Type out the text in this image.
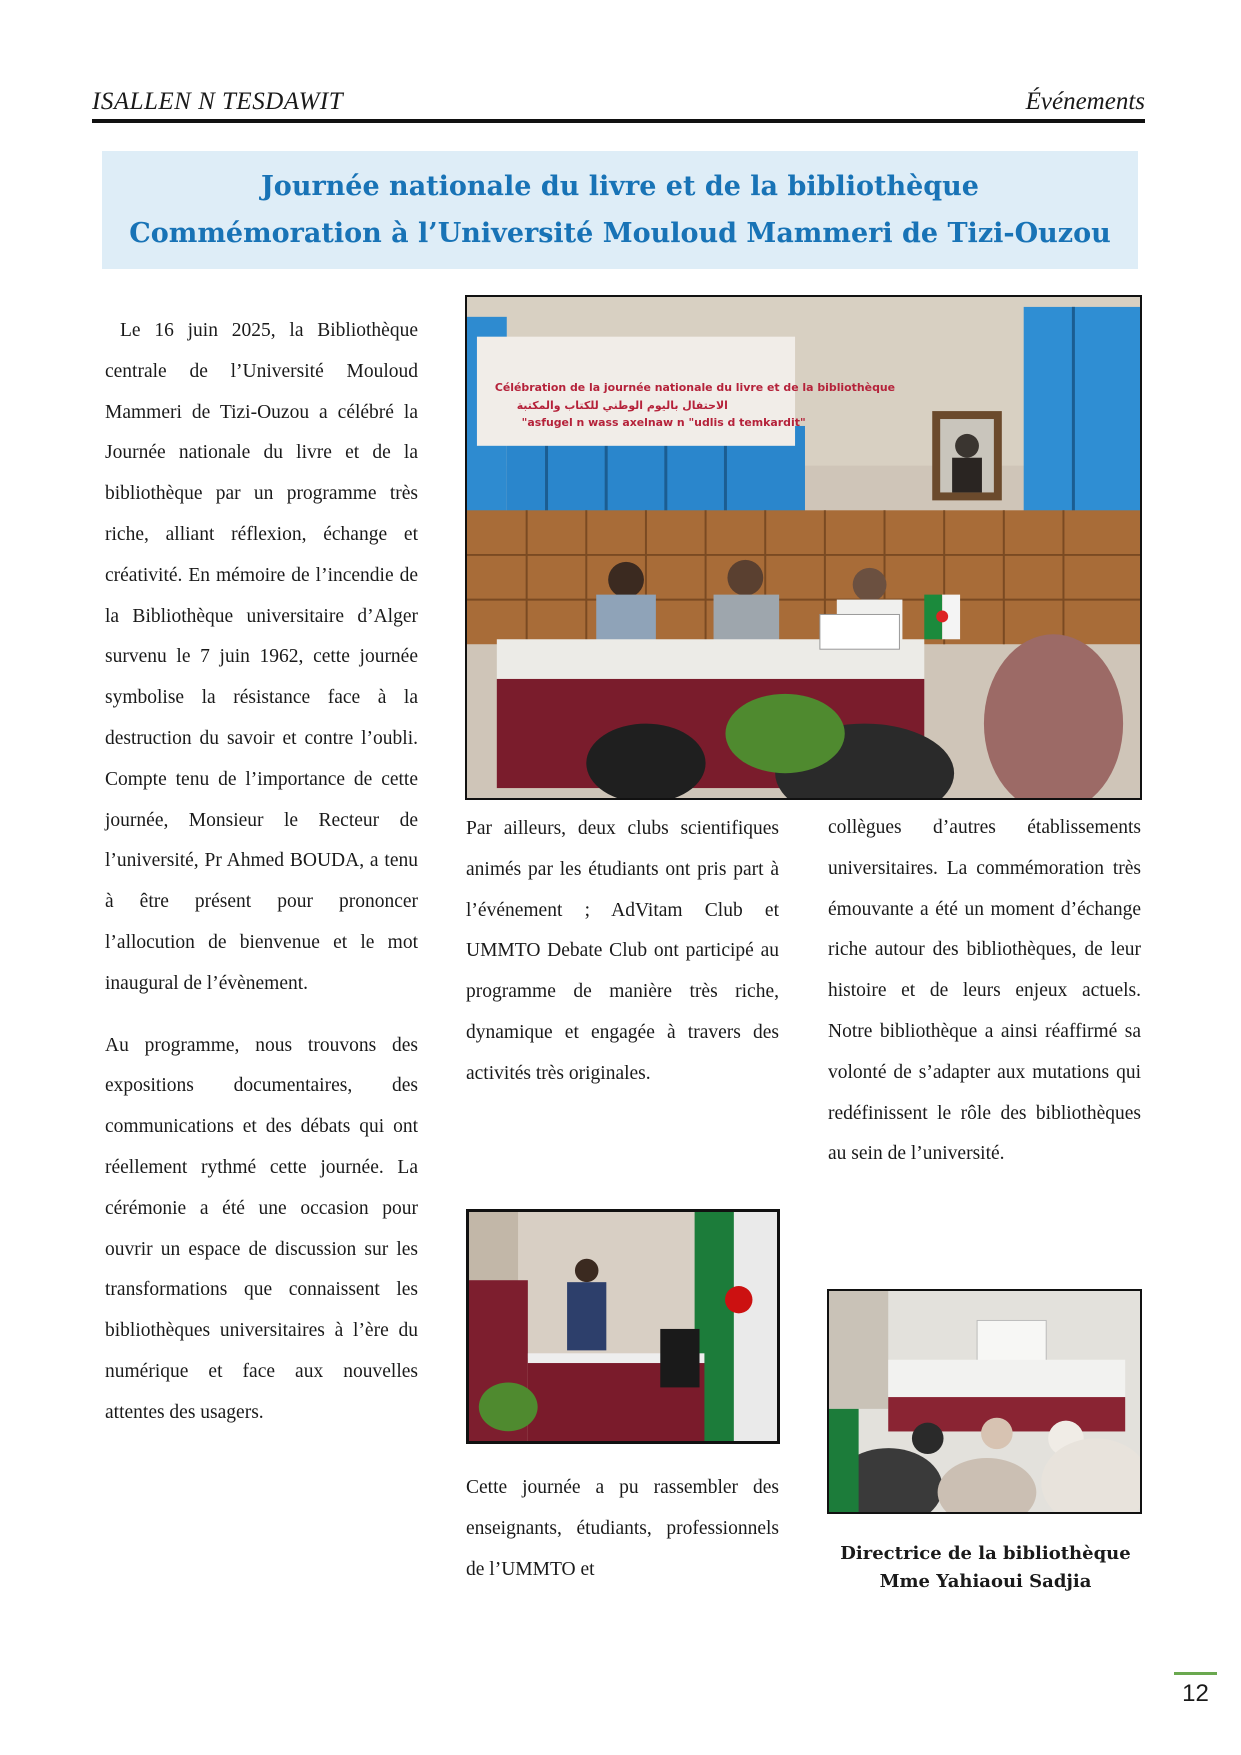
ISALLEN N TESDAWIT	Événements
Journée nationale du livre et de la bibliothèque
Commémoration à l’Université Mouloud Mammeri de Tizi-Ouzou

Le 16 juin 2025, la Bibliothèque centrale de l’Université Mouloud Mammeri de Tizi-Ouzou a célébré la Journée nationale du livre et de la bibliothèque par un programme très riche, alliant réflexion, échange et créativité. En mémoire de l’incendie de la Bibliothèque universitaire d’Alger survenu le 7 juin 1962, cette journée symbolise la résistance face à la destruction du savoir et contre l’oubli. Compte tenu de l’importance de cette journée, Monsieur le Recteur de l’université, Pr Ahmed BOUDA, a tenu à être présent pour prononcer l’allocution de bienvenue et le mot inaugural de l’évènement.

Au programme, nous trouvons des expositions documentaires, des communications et des débats qui ont réellement rythmé cette journée. La cérémonie a été une occasion pour ouvrir un espace de discussion sur les transformations que connaissent les bibliothèques universitaires à l’ère du numérique et face aux nouvelles attentes des usagers.

Célébration de la journée nationale du livre et de la bibliothèque
الاحتفال باليوم الوطني للكتاب والمكتبة
"asfugel n wass axelnaw n "udlis d temkardit"

Par ailleurs, deux clubs scientifiques animés par les étudiants ont pris part à l’événement ; AdVitam Club et UMMTO Debate Club ont participé au programme de manière très riche, dynamique et engagée à travers des activités très originales.

Cette journée a pu rassembler des enseignants, étudiants, professionnels de l’UMMTO et

collègues d’autres établissements universitaires. La commémoration très émouvante a été un moment d’échange riche autour des bibliothèques, de leur histoire et de leurs enjeux actuels. Notre bibliothèque a ainsi réaffirmé sa volonté de s’adapter aux mutations qui redéfinissent le rôle des bibliothèques au sein de l’université.

Directrice de la bibliothèque
Mme Yahiaoui Sadjia
12
